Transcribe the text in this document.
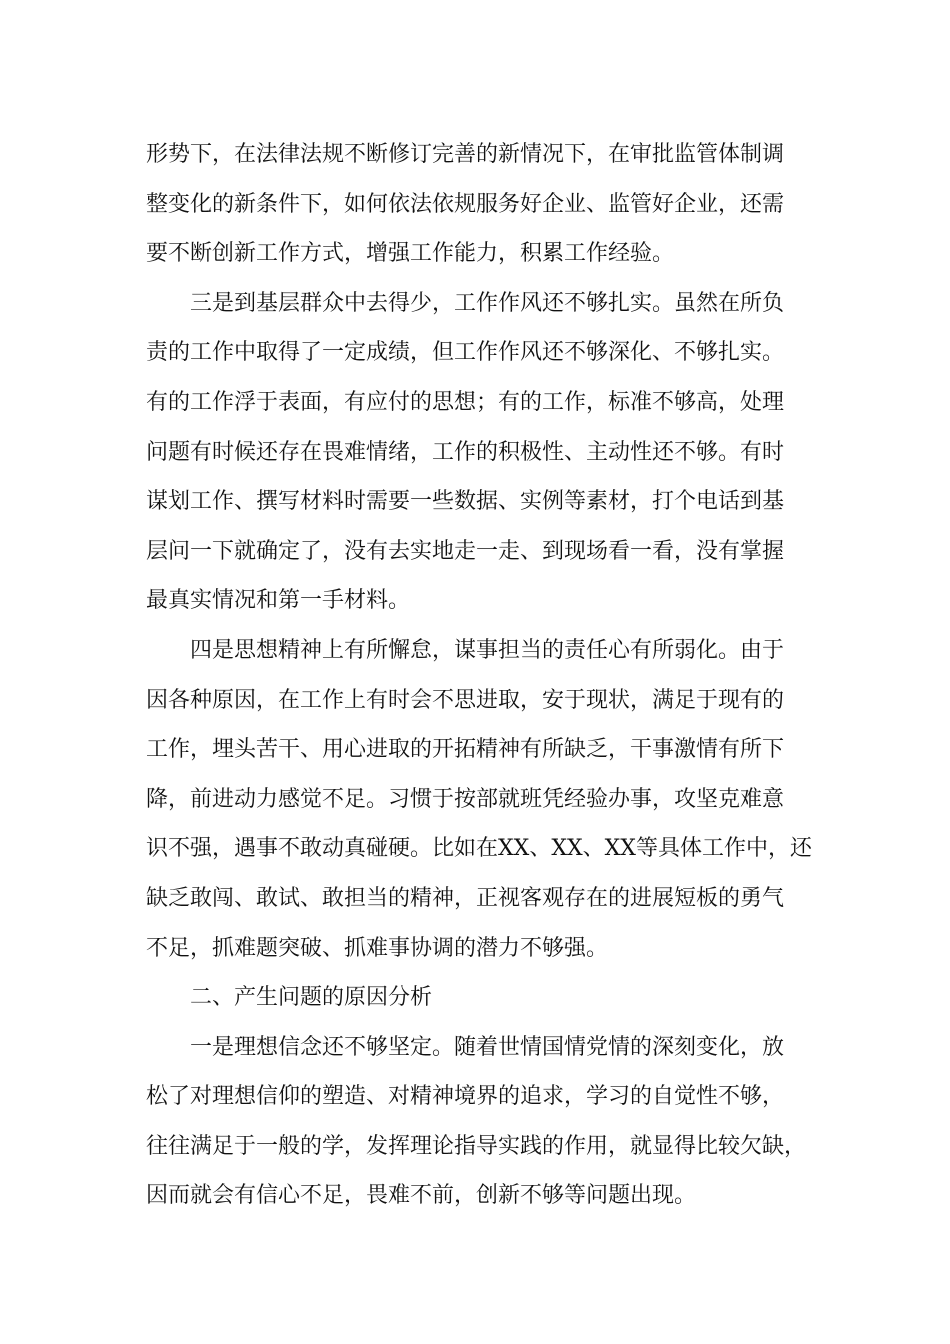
形势下，在法律法规不断修订完善的新情况下，在审批监管体制调
整变化的新条件下，如何依法依规服务好企业、监管好企业，还需
要不断创新工作方式，增强工作能力，积累工作经验。
三是到基层群众中去得少，工作作风还不够扎实。虽然在所负
责的工作中取得了一定成绩，但工作作风还不够深化、不够扎实。
有的工作浮于表面，有应付的思想；有的工作，标准不够高，处理
问题有时候还存在畏难情绪，工作的积极性、主动性还不够。有时
谋划工作、撰写材料时需要一些数据、实例等素材，打个电话到基
层问一下就确定了，没有去实地走一走、到现场看一看，没有掌握
最真实情况和第一手材料。
四是思想精神上有所懈怠，谋事担当的责任心有所弱化。由于
因各种原因，在工作上有时会不思进取，安于现状，满足于现有的
工作，埋头苦干、用心进取的开拓精神有所缺乏，干事激情有所下
降，前进动力感觉不足。习惯于按部就班凭经验办事，攻坚克难意
识不强，遇事不敢动真碰硬。比如在XX、XX、XX等具体工作中，还
缺乏敢闯、敢试、敢担当的精神，正视客观存在的进展短板的勇气
不足，抓难题突破、抓难事协调的潜力不够强。
二、产生问题的原因分析
一是理想信念还不够坚定。随着世情国情党情的深刻变化，放
松了对理想信仰的塑造、对精神境界的追求，学习的自觉性不够，
往往满足于一般的学，发挥理论指导实践的作用，就显得比较欠缺，
因而就会有信心不足，畏难不前，创新不够等问题出现。
